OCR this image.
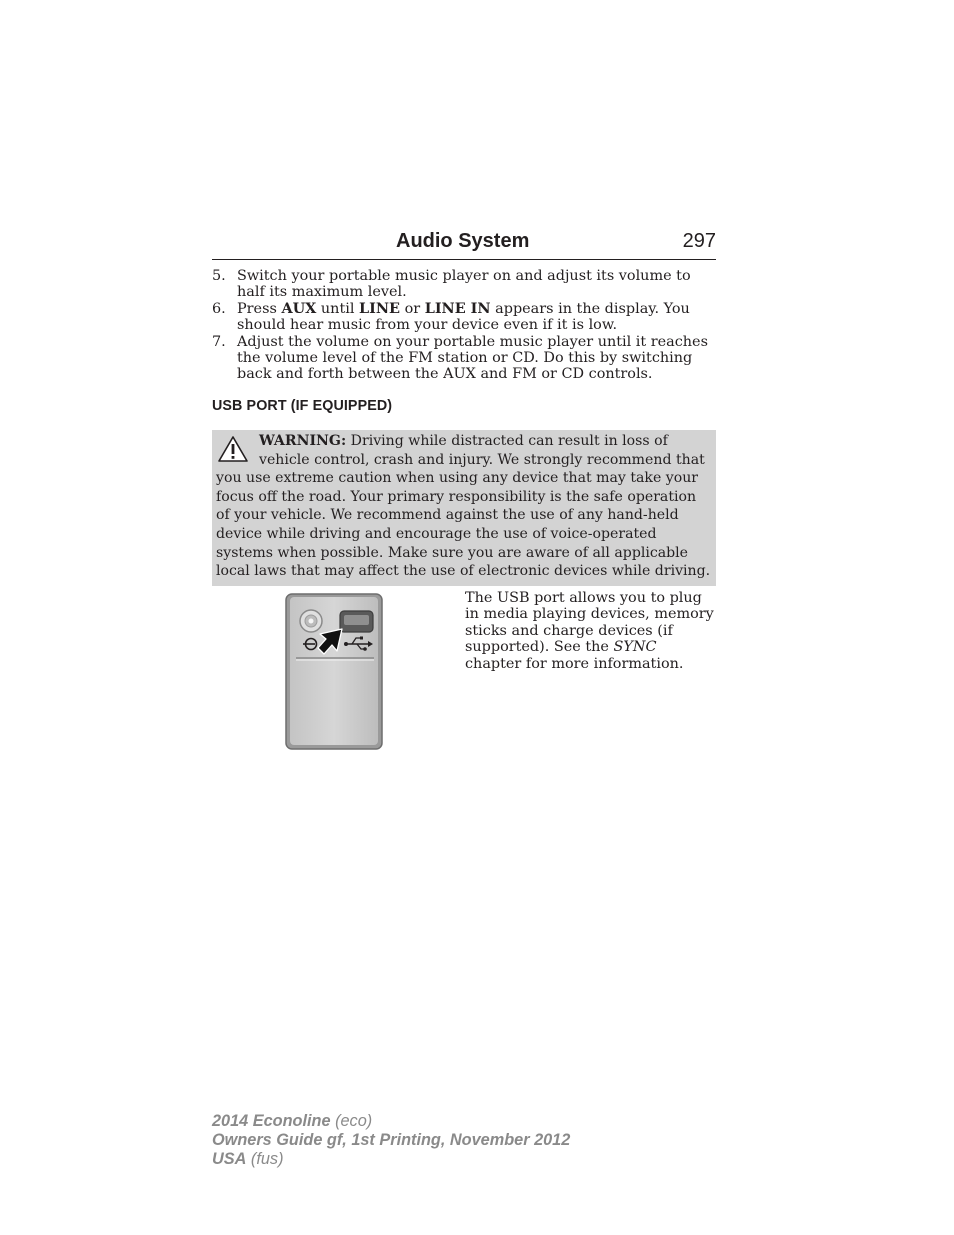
Audio System	297
5. Switch your portable music player on and adjust its volume to half its maximum level.
6. Press AUX until LINE or LINE IN appears in the display. You should hear music from your device even if it is low.
7. Adjust the volume on your portable music player until it reaches the volume level of the FM station or CD. Do this by switching back and forth between the AUX and FM or CD controls.
USB PORT (IF EQUIPPED)
WARNING: Driving while distracted can result in loss of vehicle control, crash and injury. We strongly recommend that you use extreme caution when using any device that may take your focus off the road. Your primary responsibility is the safe operation of your vehicle. We recommend against the use of any hand-held device while driving and encourage the use of voice-operated systems when possible. Make sure you are aware of all applicable local laws that may affect the use of electronic devices while driving.
The USB port allows you to plug in media playing devices, memory sticks and charge devices (if supported). See the SYNC chapter for more information.
2014 Econoline (eco)
Owners Guide gf, 1st Printing, November 2012
USA (fus)
